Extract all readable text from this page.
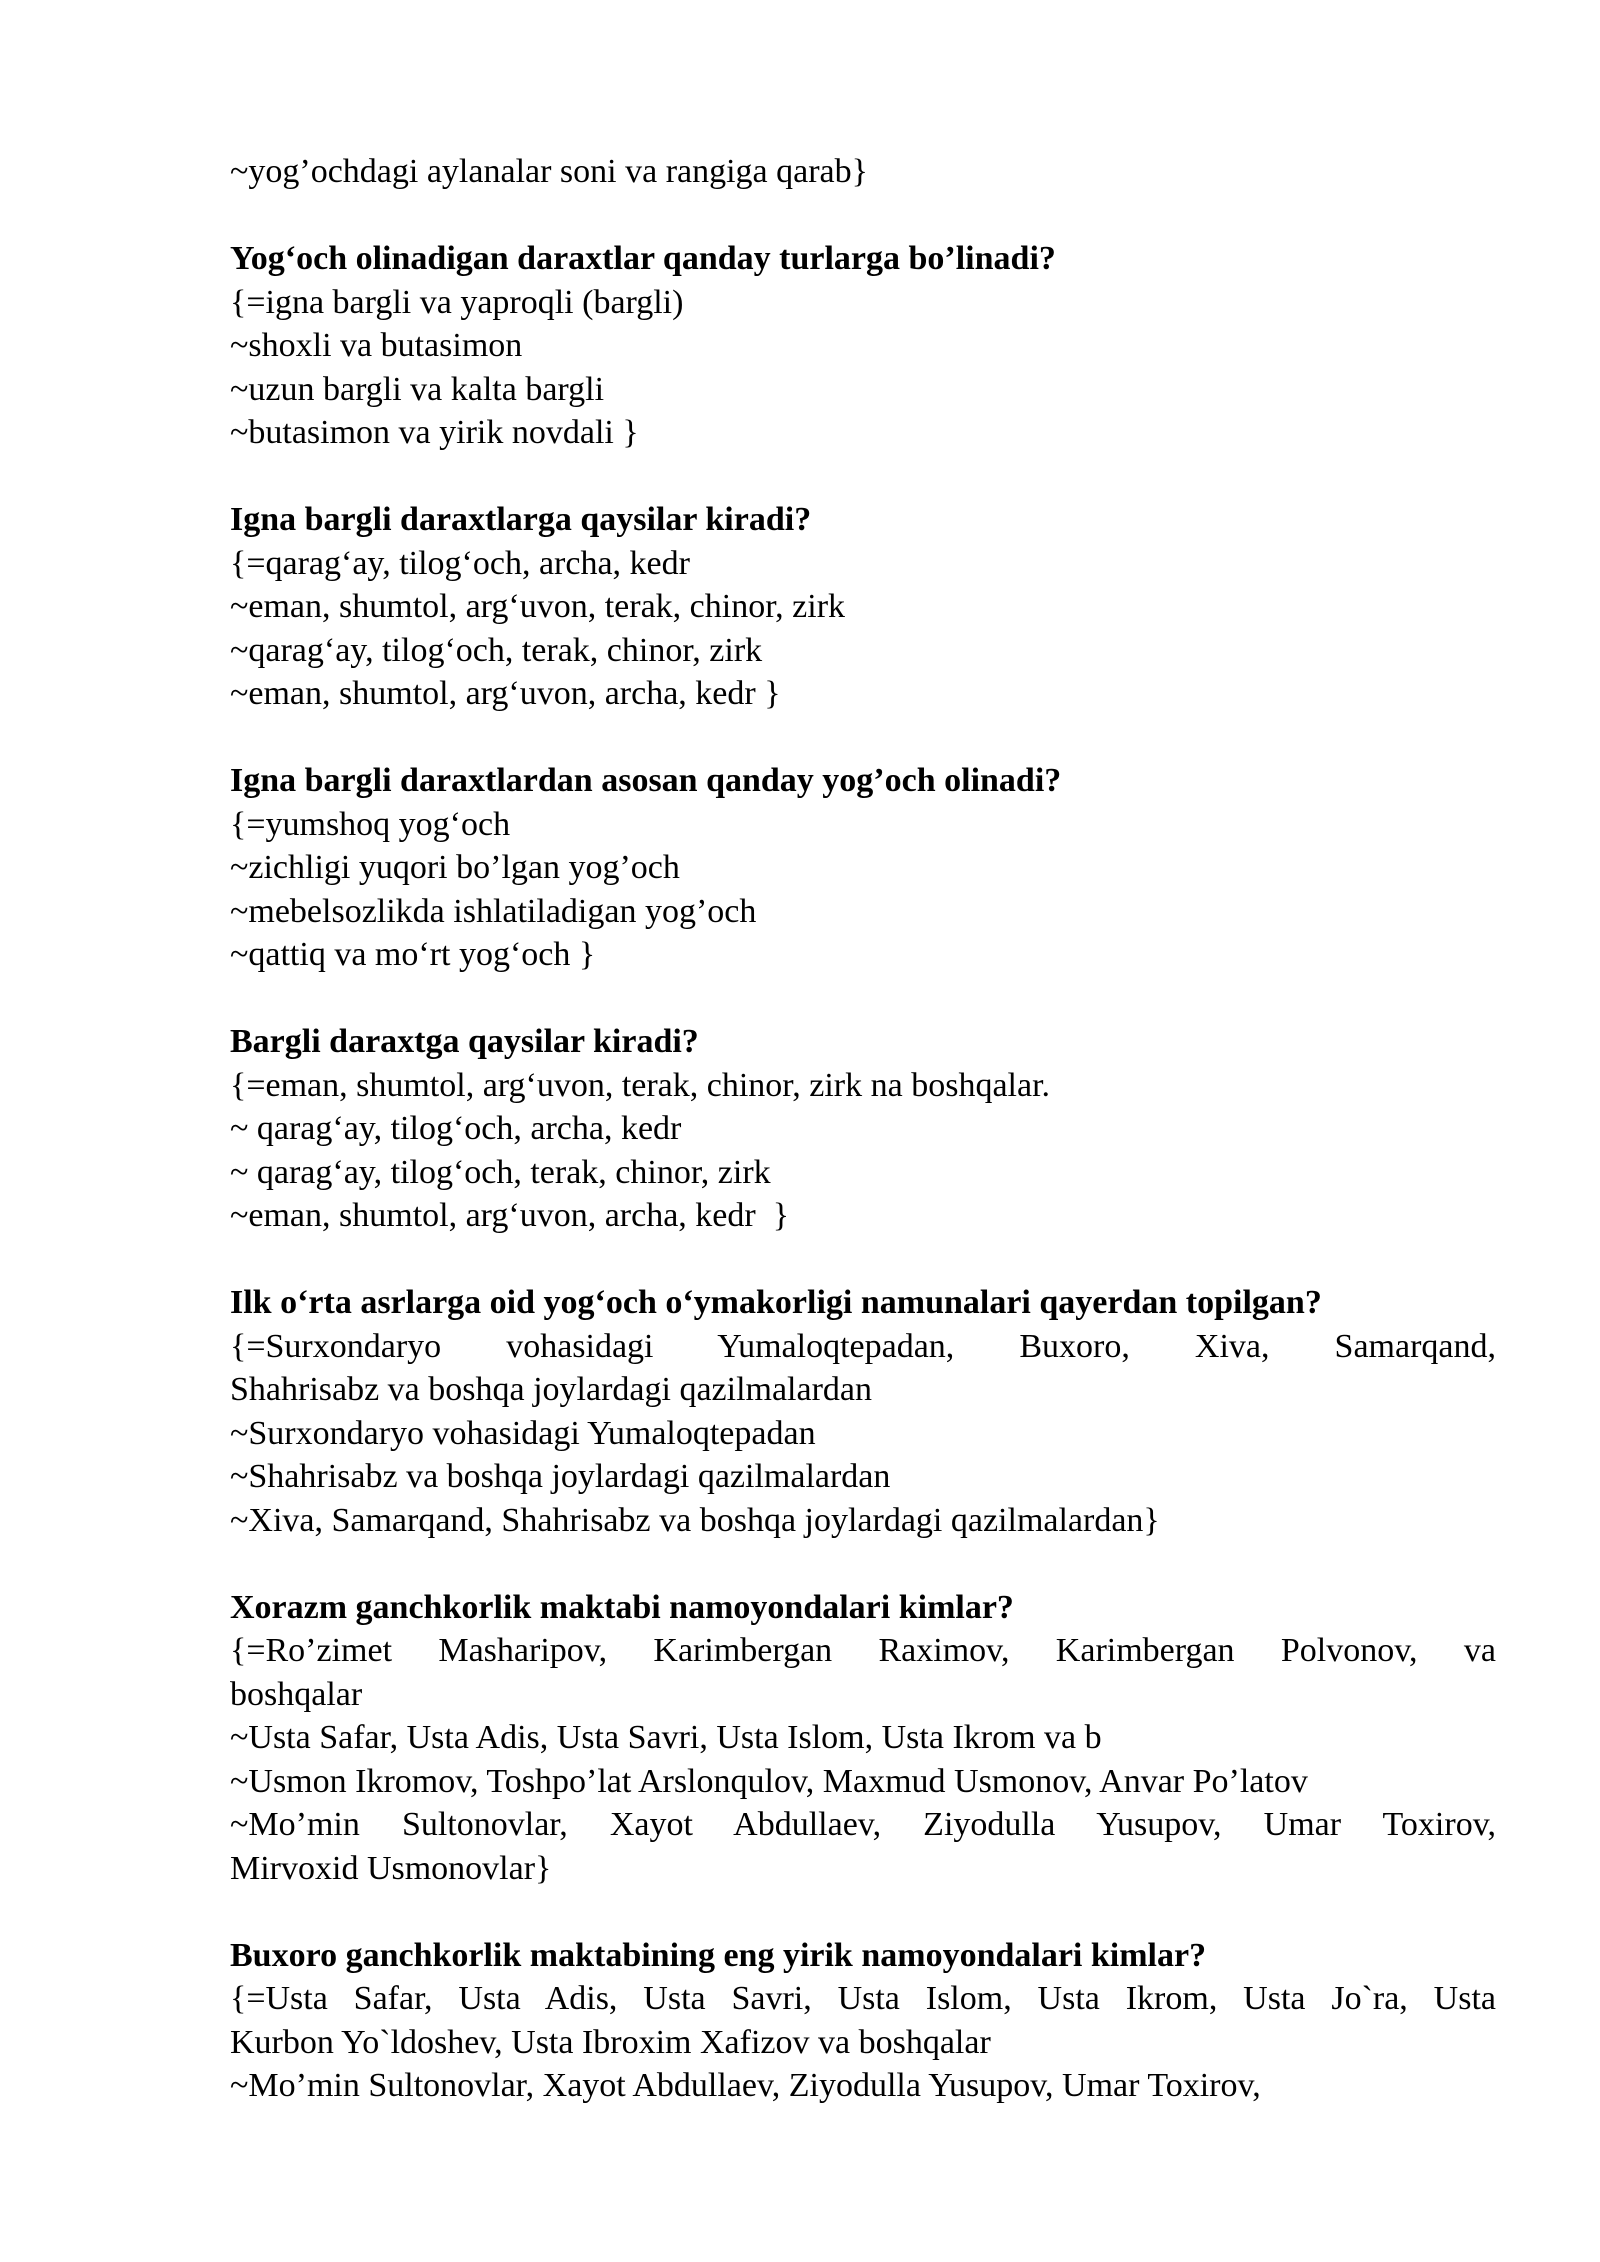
~yog’ochdagi aylanalar soni va rangiga qarab}
Yog‘och olinadigan daraxtlar qanday turlarga bo’linadi?
{=igna bargli va yaproqli (bargli)
~shoxli va butasimon
~uzun bargli va kalta bargli
~butasimon va yirik novdali }
Igna bargli daraxtlarga qaysilar kiradi?
{=qarag‘ay, tilog‘och, archa, kedr
~eman, shumtol, arg‘uvon, terak, chinor, zirk
~qarag‘ay, tilog‘och, terak, chinor, zirk
~eman, shumtol, arg‘uvon, archa, kedr }
Igna bargli daraxtlardan asosan qanday yog’och olinadi?
{=yumshoq yog‘och
~zichligi yuqori bo’lgan yog’och
~mebelsozlikda ishlatiladigan yog’och
~qattiq va mo‘rt yog‘och }
Bargli daraxtga qaysilar kiradi?
{=eman, shumtol, arg‘uvon, terak, chinor, zirk na boshqalar.
~ qarag‘ay, tilog‘och, archa, kedr
~ qarag‘ay, tilog‘och, terak, chinor, zirk
~eman, shumtol, arg‘uvon, archa, kedr  }
Ilk o‘rta asrlarga oid yog‘och o‘ymakorligi namunalari qayerdan topilgan?
{=Surxondaryo vohasidagi Yumaloqtepadan, Buxoro, Xiva, Samarqand,
Shahrisabz va boshqa joylardagi qazilmalardan
~Surxondaryo vohasidagi Yumaloqtepadan
~Shahrisabz va boshqa joylardagi qazilmalardan
~Xiva, Samarqand, Shahrisabz va boshqa joylardagi qazilmalardan}
Xorazm ganchkorlik maktabi namoyondalari kimlar?
{=Ro’zimet Masharipov, Karimbergan Raximov, Karimbergan Polvonov, va
boshqalar
~Usta Safar, Usta Adis, Usta Savri, Usta Islom, Usta Ikrom va b
~Usmon Ikromov, Toshpo’lat Arslonqulov, Maxmud Usmonov, Anvar Po’latov
~Mo’min Sultonovlar, Xayot Abdullaev, Ziyodulla Yusupov, Umar Toxirov,
Mirvoxid Usmonovlar}
Buxoro ganchkorlik maktabining eng yirik namoyondalari kimlar?
{=Usta Safar, Usta Adis, Usta Savri, Usta Islom, Usta Ikrom, Usta Jo`ra, Usta
Kurbon Yo`ldoshev, Usta Ibroxim Xafizov va boshqalar
~Mo’min Sultonovlar, Xayot Abdullaev, Ziyodulla Yusupov, Umar Toxirov,
